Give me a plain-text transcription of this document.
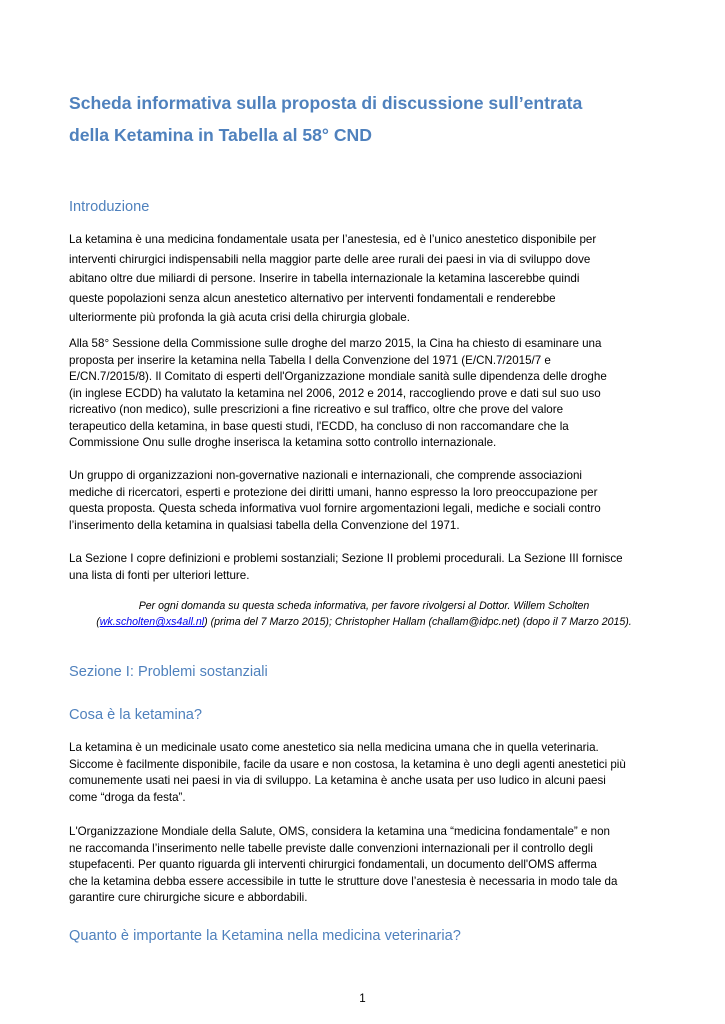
Scheda informativa sulla proposta di discussione sull’entrata
della Ketamina in Tabella al 58° CND
Introduzione

La ketamina è una medicina fondamentale usata per l’anestesia, ed è l’unico anestetico disponibile per
interventi chirurgici indispensabili nella maggior parte delle aree rurali dei paesi in via di sviluppo dove
abitano oltre due miliardi di persone. Inserire in tabella internazionale la ketamina lascerebbe quindi
queste popolazioni senza alcun anestetico alternativo per interventi fondamentali e renderebbe
ulteriormente più profonda la già acuta crisi della chirurgia globale.

Alla 58° Sessione della Commissione sulle droghe del marzo 2015, la Cina ha chiesto di esaminare una
proposta per inserire la ketamina nella Tabella I della Convenzione del 1971 (E/CN.7/2015/7 e
E/CN.7/2015/8). Il Comitato di esperti dell'Organizzazione mondiale sanità sulle dipendenza delle droghe
(in inglese ECDD) ha valutato la ketamina nel 2006, 2012 e 2014, raccogliendo prove e dati sul suo uso
ricreativo (non medico), sulle prescrizioni a fine ricreativo e sul traffico, oltre che prove del valore
terapeutico della ketamina, in base questi studi, l'ECDD, ha concluso di non raccomandare che la
Commissione Onu sulle droghe inserisca la ketamina sotto controllo internazionale.

Un gruppo di organizzazioni non-governative nazionali e internazionali, che comprende associazioni
mediche di ricercatori, esperti e protezione dei diritti umani, hanno espresso la loro preoccupazione per
questa proposta. Questa scheda informativa vuol fornire argomentazioni legali, mediche e sociali contro
l’inserimento della ketamina in qualsiasi tabella della Convenzione del 1971.

La Sezione I copre definizioni e problemi sostanziali; Sezione II problemi procedurali. La Sezione III fornisce
una lista di fonti per ulteriori letture.

Per ogni domanda su questa scheda informativa, per favore rivolgersi al Dottor. Willem Scholten
(wk.scholten@xs4all.nl) (prima del 7 Marzo 2015); Christopher Hallam (challam@idpc.net) (dopo il 7 Marzo 2015).
Sezione I: Problemi sostanziali
Cosa è la ketamina?

La ketamina è un medicinale usato come anestetico sia nella medicina umana che in quella veterinaria.
Siccome è facilmente disponibile, facile da usare e non costosa, la ketamina è uno degli agenti anestetici più
comunemente usati nei paesi in via di sviluppo. La ketamina è anche usata per uso ludico in alcuni paesi
come “droga da festa”.

L'Organizzazione Mondiale della Salute, OMS, considera la ketamina una “medicina fondamentale” e non
ne raccomanda l’inserimento nelle tabelle previste dalle convenzioni internazionali per il controllo degli
stupefacenti. Per quanto riguarda gli interventi chirurgici fondamentali, un documento dell'OMS afferma
che la ketamina debba essere accessibile in tutte le strutture dove l’anestesia è necessaria in modo tale da
garantire cure chirurgiche sicure e abbordabili.

Quanto è importante la Ketamina nella medicina veterinaria?
1
